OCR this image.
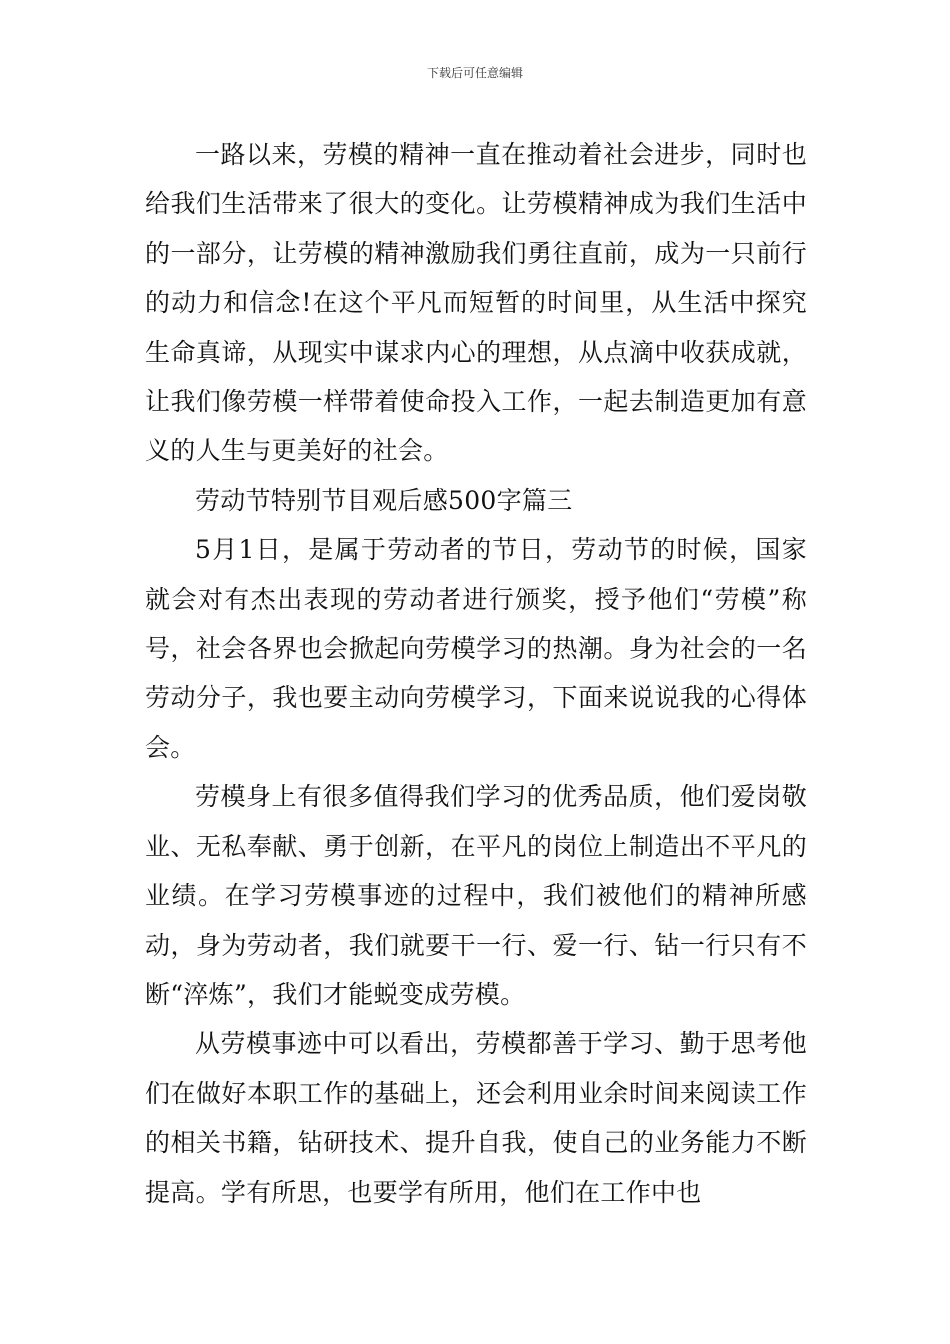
下载后可任意编辑

一路以来，劳模的精神一直在推动着社会进步，同时也给我们生活带来了很大的变化。让劳模精神成为我们生活中的一部分，让劳模的精神激励我们勇往直前，成为一只前行的动力和信念!在这个平凡而短暂的时间里，从生活中探究生命真谛，从现实中谋求内心的理想，从点滴中收获成就，让我们像劳模一样带着使命投入工作，一起去制造更加有意义的人生与更美好的社会。

劳动节特别节目观后感500字篇三

5月1日，是属于劳动者的节日，劳动节的时候，国家就会对有杰出表现的劳动者进行颁奖，授予他们“劳模”称号，社会各界也会掀起向劳模学习的热潮。身为社会的一名劳动分子，我也要主动向劳模学习，下面来说说我的心得体会。

劳模身上有很多值得我们学习的优秀品质，他们爱岗敬业、无私奉献、勇于创新，在平凡的岗位上制造出不平凡的业绩。在学习劳模事迹的过程中，我们被他们的精神所感动，身为劳动者，我们就要干一行、爱一行、钻一行只有不断“淬炼”，我们才能蜕变成劳模。

从劳模事迹中可以看出，劳模都善于学习、勤于思考他们在做好本职工作的基础上，还会利用业余时间来阅读工作的相关书籍，钻研技术、提升自我，使自己的业务能力不断提高。学有所思，也要学有所用，他们在工作中也
